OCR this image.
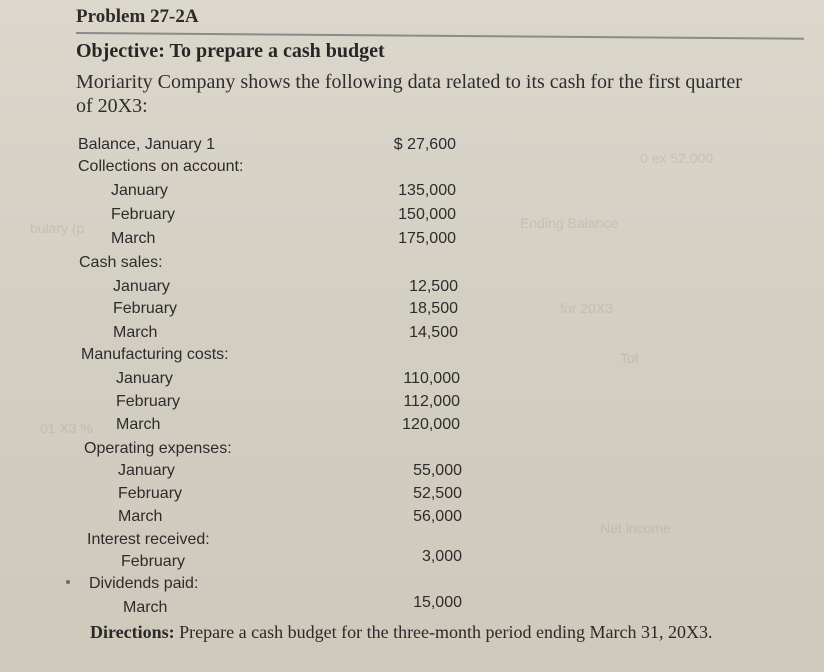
0 ex 52,000
Ending Balance
bulary (p
for 20X3
Tot
01 X3 %
Net income
Problem 27-2A
Objective: To prepare a cash budget
Moriarity Company shows the following data related to its cash for the first quarter
of 20X3:
Balance, January 1	$ 27,600
Collections on account:
January	135,000
February	150,000
March	175,000
Cash sales:
January	12,500
February	18,500
March	14,500
Manufacturing costs:
January	110,000
February	112,000
March	120,000
Operating expenses:
January	55,000
February	52,500
March	56,000
Interest received:
February	3,000
Dividends paid:
March	15,000
Directions: Prepare a cash budget for the three-month period ending March 31, 20X3.
